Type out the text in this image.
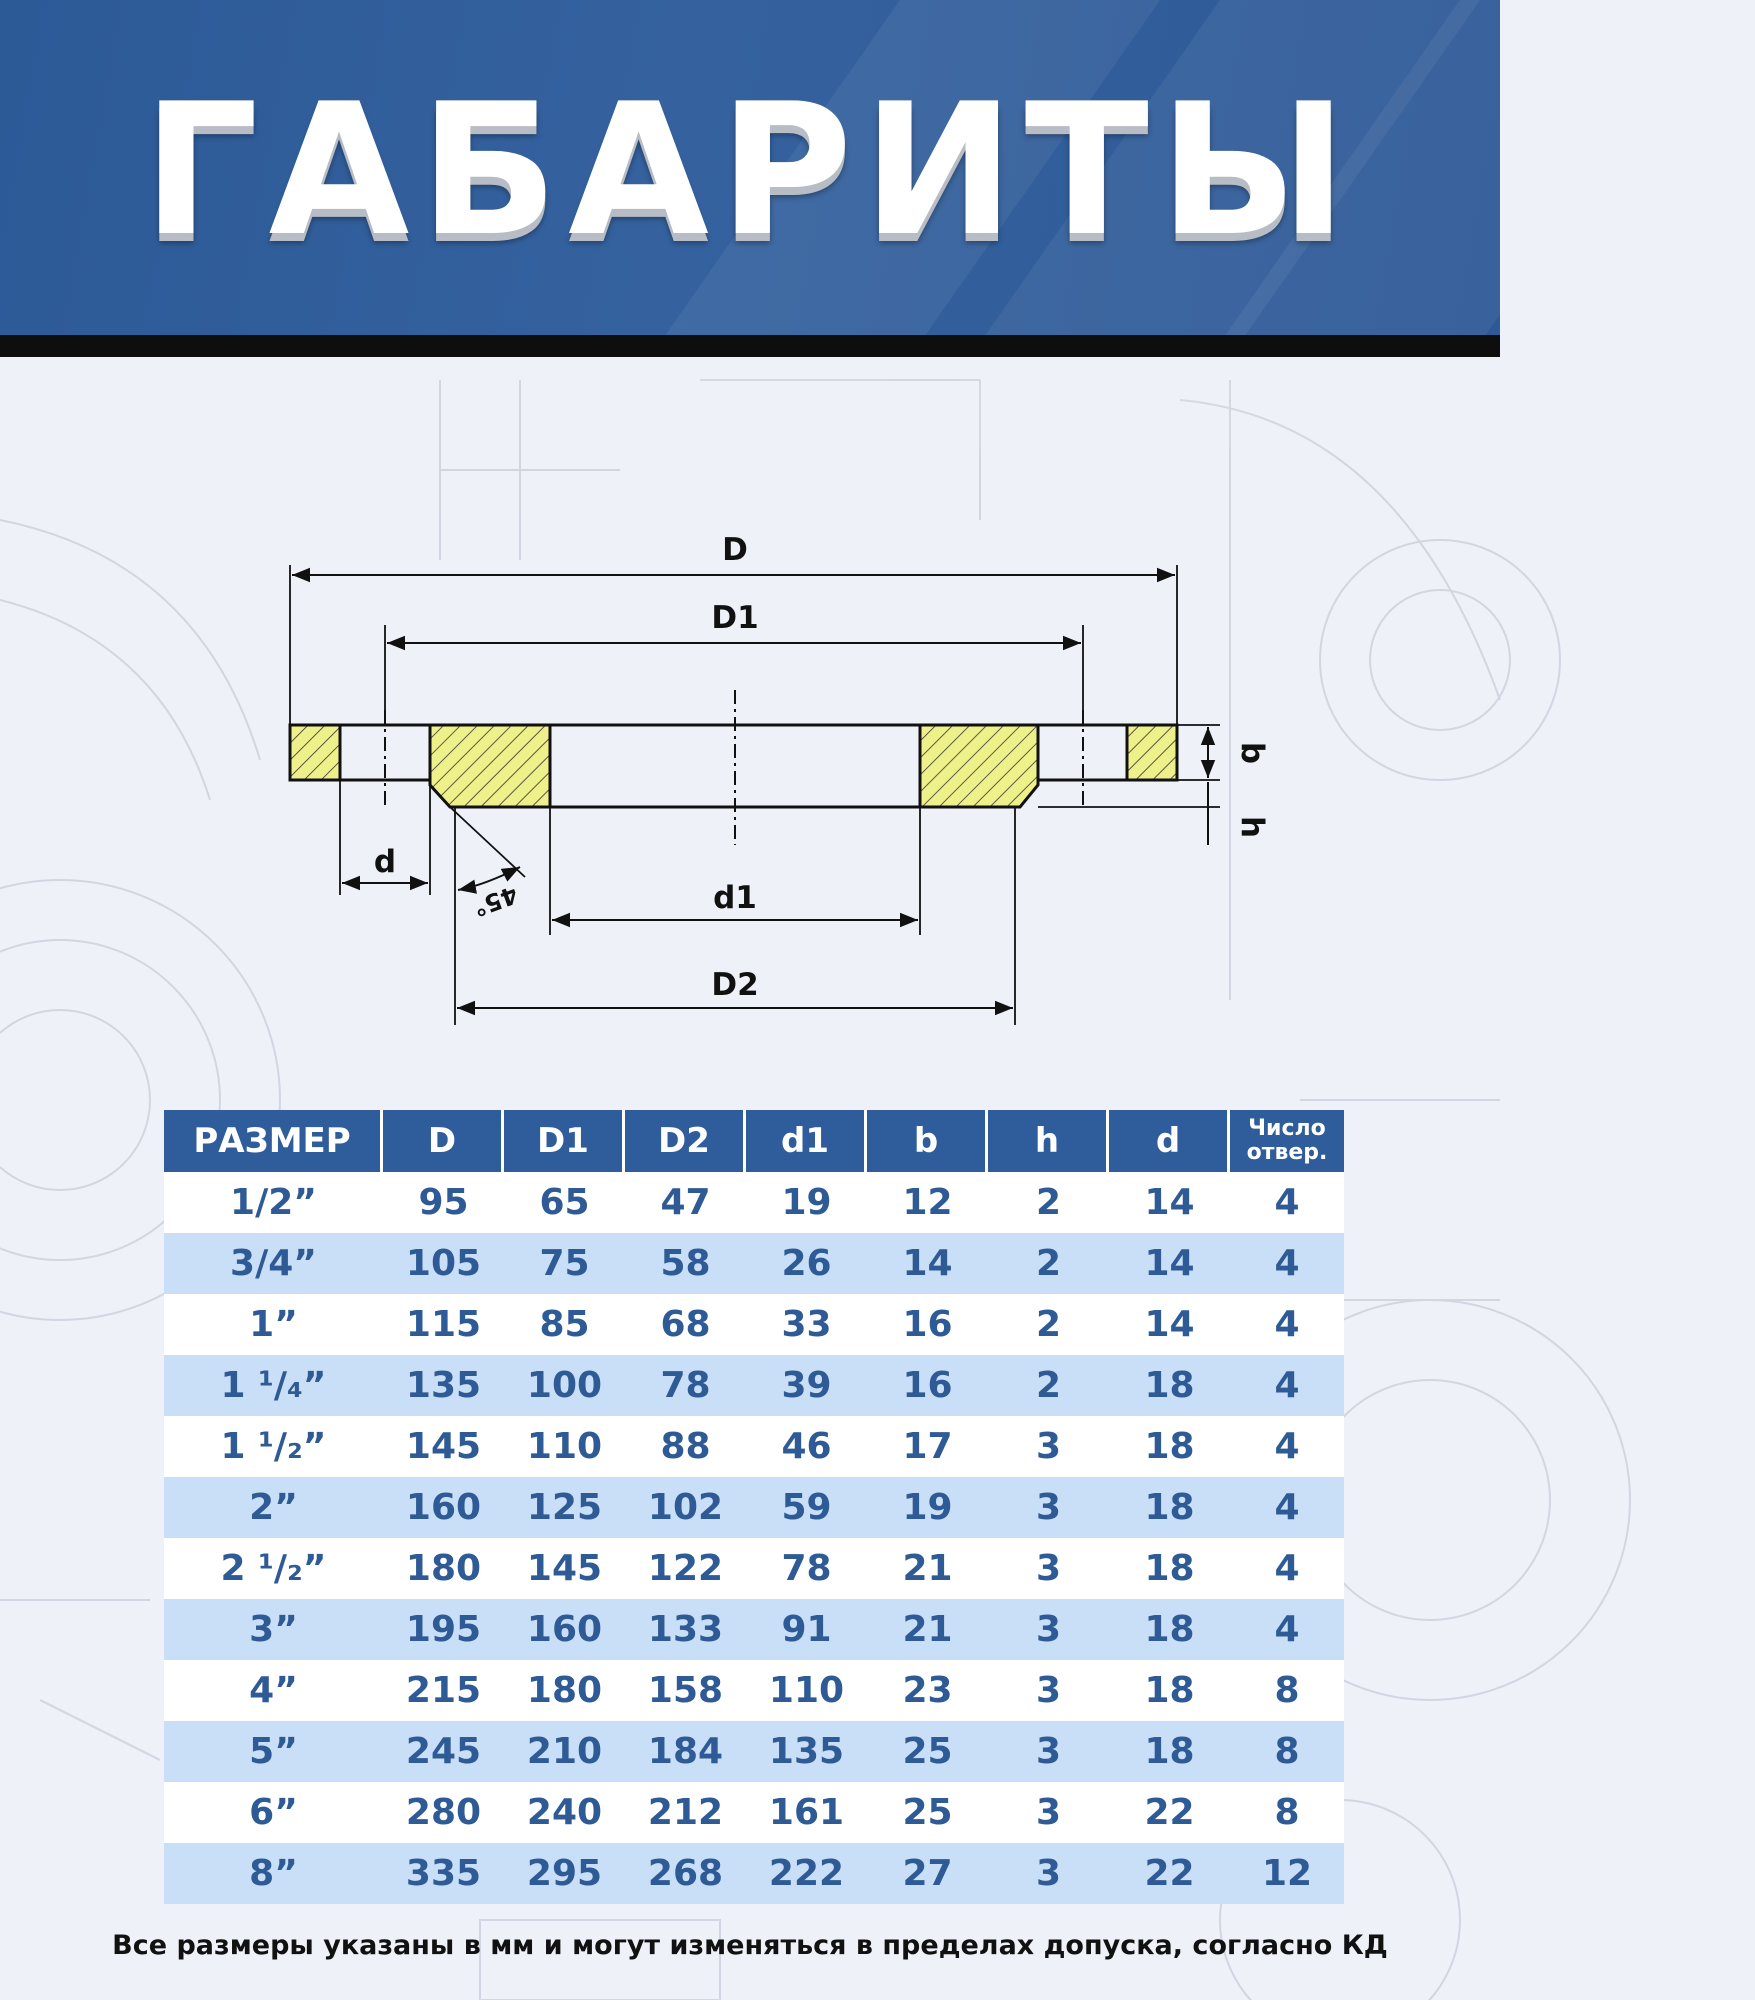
ГАБАРИТЫ
D
D1
d
d1
D2
b
h
45°
РАЗМЕР	D	D1	D2	d1	b	h	d	Число
отвер.
1/2”	95	65	47	19	12	2	14	4
3/4”	105	75	58	26	14	2	14	4
1”	115	85	68	33	16	2	14	4
1 ¹/₄”	135	100	78	39	16	2	18	4
1 ¹/₂”	145	110	88	46	17	3	18	4
2”	160	125	102	59	19	3	18	4
2 ¹/₂”	180	145	122	78	21	3	18	4
3”	195	160	133	91	21	3	18	4
4”	215	180	158	110	23	3	18	8
5”	245	210	184	135	25	3	18	8
6”	280	240	212	161	25	3	22	8
8”	335	295	268	222	27	3	22	12
Все размеры указаны в мм и могут изменяться в пределах допуска, согласно КД
